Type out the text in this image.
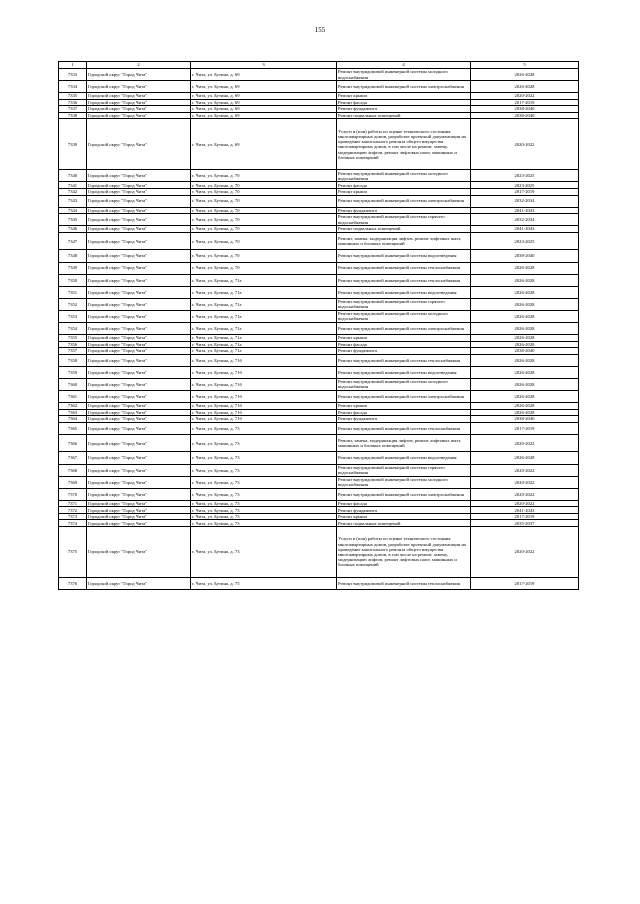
155
1	2	3	4	5
7333	Городской округ "Город Чита"	г. Чита, ул. Бутина, д. 69	Ремонт внутридомовой инженерной системы холодного водоснабжения	2026-2028
7334	Городской округ "Город Чита"	г. Чита, ул. Бутина, д. 69	Ремонт внутридомовой инженерной системы электроснабжения	2026-2028
7335	Городской округ "Город Чита"	г. Чита, ул. Бутина, д. 69	Ремонт крыши	2020-2022
7336	Городской округ "Город Чита"	г. Чита, ул. Бутина, д. 69	Ремонт фасада	2017-2019
7337	Городской округ "Город Чита"	г. Чита, ул. Бутина, д. 69	Ремонт фундамента	2038-2040
7338	Городской округ "Город Чита"	г. Чита, ул. Бутина, д. 69	Ремонт подвальных помещений	2038-2040
7339	Городской округ "Город Чита"	г. Чита, ул. Бутина, д. 69	Услуги и (или) работы по оценке технического состояния многоквартирных домов, разработке проектной документации на проведение капитального ремонта общего имущества многоквартирных домов, в том числе на ремонт, замену, модернизацию лифтов, ремонт лифтовых шахт, машинных и блочных помещений	2020-2022
7340	Городской округ "Город Чита"	г. Чита, ул. Бутина, д. 70	Ремонт внутридомовой инженерной системы холодного водоснабжения	2023-2025
7341	Городской округ "Город Чита"	г. Чита, ул. Бутина, д. 70	Ремонт фасада	2023-2025
7342	Городской округ "Город Чита"	г. Чита, ул. Бутина, д. 70	Ремонт крыши	2017-2019
7343	Городской округ "Город Чита"	г. Чита, ул. Бутина, д. 70	Ремонт внутридомовой инженерной системы электроснабжения	2032-2034
7344	Городской округ "Город Чита"	г. Чита, ул. Бутина, д. 70	Ремонт фундамента	2041-2043
7345	Городской округ "Город Чита"	г. Чита, ул. Бутина, д. 70	Ремонт внутридомовой инженерной системы горячего водоснабжения	2032-2034
7346	Городской округ "Город Чита"	г. Чита, ул. Бутина, д. 70	Ремонт подвальных помещений	2041-2043
7347	Городской округ "Город Чита"	г. Чита, ул. Бутина, д. 70	Ремонт, замена, модернизация лифтов, ремонт лифтовых шахт, машинных и блочных помещений	2023-2025
7348	Городской округ "Город Чита"	г. Чита, ул. Бутина, д. 70	Ремонт внутридомовой инженерной системы водоотведения	2038-2040
7349	Городской округ "Город Чита"	г. Чита, ул. Бутина, д. 70	Ремонт внутридомовой инженерной системы теплоснабжения	2026-2028
7350	Городской округ "Город Чита"	г. Чита, ул. Бутина, д. 71а	Ремонт внутридомовой инженерной системы теплоснабжения	2026-2028
7351	Городской округ "Город Чита"	г. Чита, ул. Бутина, д. 71а	Ремонт внутридомовой инженерной системы водоотведения	2026-2028
7352	Городской округ "Город Чита"	г. Чита, ул. Бутина, д. 71а	Ремонт внутридомовой инженерной системы горячего водоснабжения	2026-2028
7353	Городской округ "Город Чита"	г. Чита, ул. Бутина, д. 71а	Ремонт внутридомовой инженерной системы холодного водоснабжения	2026-2028
7354	Городской округ "Город Чита"	г. Чита, ул. Бутина, д. 71а	Ремонт внутридомовой инженерной системы электроснабжения	2026-2028
7355	Городской округ "Город Чита"	г. Чита, ул. Бутина, д. 71а	Ремонт крыши	2026-2028
7356	Городской округ "Город Чита"	г. Чита, ул. Бутина, д. 71а	Ремонт фасада	2026-2028
7357	Городской округ "Город Чита"	г. Чита, ул. Бутина, д. 71а	Ремонт фундамента	2038-2040
7358	Городской округ "Город Чита"	г. Чита, ул. Бутина, д. 71б	Ремонт внутридомовой инженерной системы теплоснабжения	2026-2028
7359	Городской округ "Город Чита"	г. Чита, ул. Бутина, д. 71б	Ремонт внутридомовой инженерной системы водоотведения	2026-2028
7360	Городской округ "Город Чита"	г. Чита, ул. Бутина, д. 71б	Ремонт внутридомовой инженерной системы холодного водоснабжения	2026-2028
7361	Городской округ "Город Чита"	г. Чита, ул. Бутина, д. 71б	Ремонт внутридомовой инженерной системы электроснабжения	2026-2028
7362	Городской округ "Город Чита"	г. Чита, ул. Бутина, д. 71б	Ремонт крыши	2026-2028
7363	Городской округ "Город Чита"	г. Чита, ул. Бутина, д. 71б	Ремонт фасада	2026-2028
7364	Городской округ "Город Чита"	г. Чита, ул. Бутина, д. 71б	Ремонт фундамента	2038-2040
7365	Городской округ "Город Чита"	г. Чита, ул. Бутина, д. 73	Ремонт внутридомовой инженерной системы теплоснабжения	2017-2019
7366	Городской округ "Город Чита"	г. Чита, ул. Бутина, д. 73	Ремонт, замена, модернизация лифтов, ремонт лифтовых шахт, машинных и блочных помещений	2020-2022
7367	Городской округ "Город Чита"	г. Чита, ул. Бутина, д. 73	Ремонт внутридомовой инженерной системы водоотведения	2026-2028
7368	Городской округ "Город Чита"	г. Чита, ул. Бутина, д. 73	Ремонт внутридомовой инженерной системы горячего водоснабжения	2020-2022
7369	Городской округ "Город Чита"	г. Чита, ул. Бутина, д. 73	Ремонт внутридомовой инженерной системы холодного водоснабжения	2020-2022
7370	Городской округ "Город Чита"	г. Чита, ул. Бутина, д. 73	Ремонт внутридомовой инженерной системы электроснабжения	2020-2022
7371	Городской округ "Город Чита"	г. Чита, ул. Бутина, д. 73	Ремонт фасада	2020-2022
7372	Городской округ "Город Чита"	г. Чита, ул. Бутина, д. 73	Ремонт фундамента	2041-2043
7373	Городской округ "Город Чита"	г. Чита, ул. Бутина, д. 73	Ремонт крыши	2017-2019
7374	Городской округ "Город Чита"	г. Чита, ул. Бутина, д. 73	Ремонт подвальных помещений	2035-2037
7375	Городской округ "Город Чита"	г. Чита, ул. Бутина, д. 73	Услуги и (или) работы по оценке технического состояния многоквартирных домов, разработке проектной документации на проведение капитального ремонта общего имущества многоквартирных домов, в том числе на ремонт, замену, модернизацию лифтов, ремонт лифтовых шахт, машинных и блочных помещений	2020-2022
7376	Городской округ "Город Чита"	г. Чита, ул. Бутина, д. 75	Ремонт внутридомовой инженерной системы теплоснабжения	2017-2019
